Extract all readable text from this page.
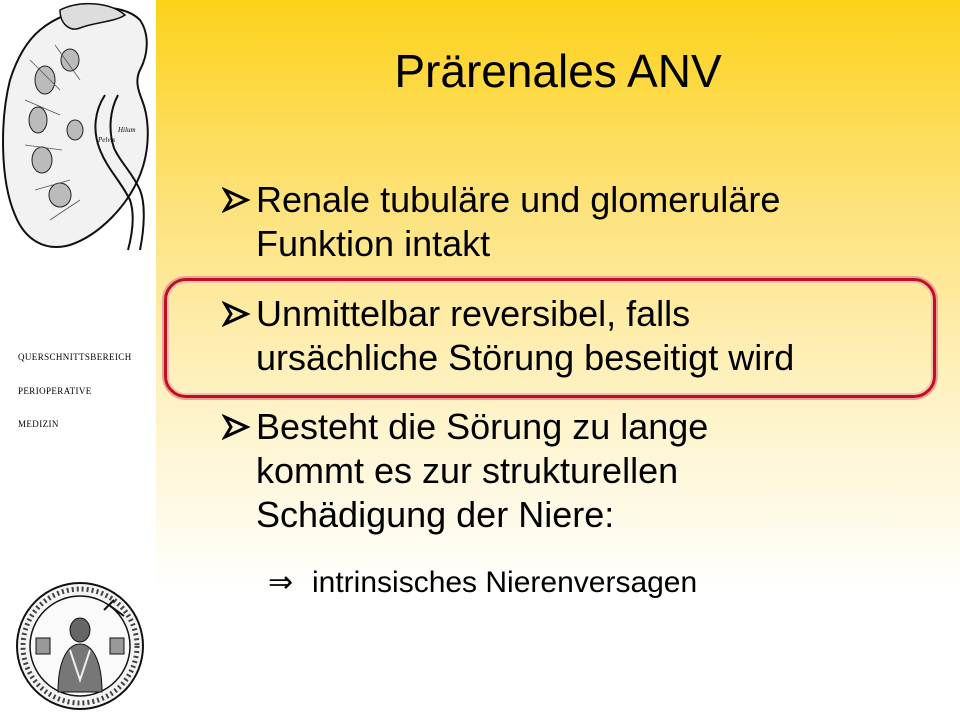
Hilum
Pelvis
QUERSCHNITTSBEREICH
PERIOPERATIVE
MEDIZIN
Prärenales ANV
Renale tubuläre und glomeruläre
Funktion intakt
Unmittelbar reversibel, falls
ursächliche Störung beseitigt wird
Besteht die Sörung zu lange
kommt es zur strukturellen
Schädigung der Niere:
⇒ intrinsisches Nierenversagen
